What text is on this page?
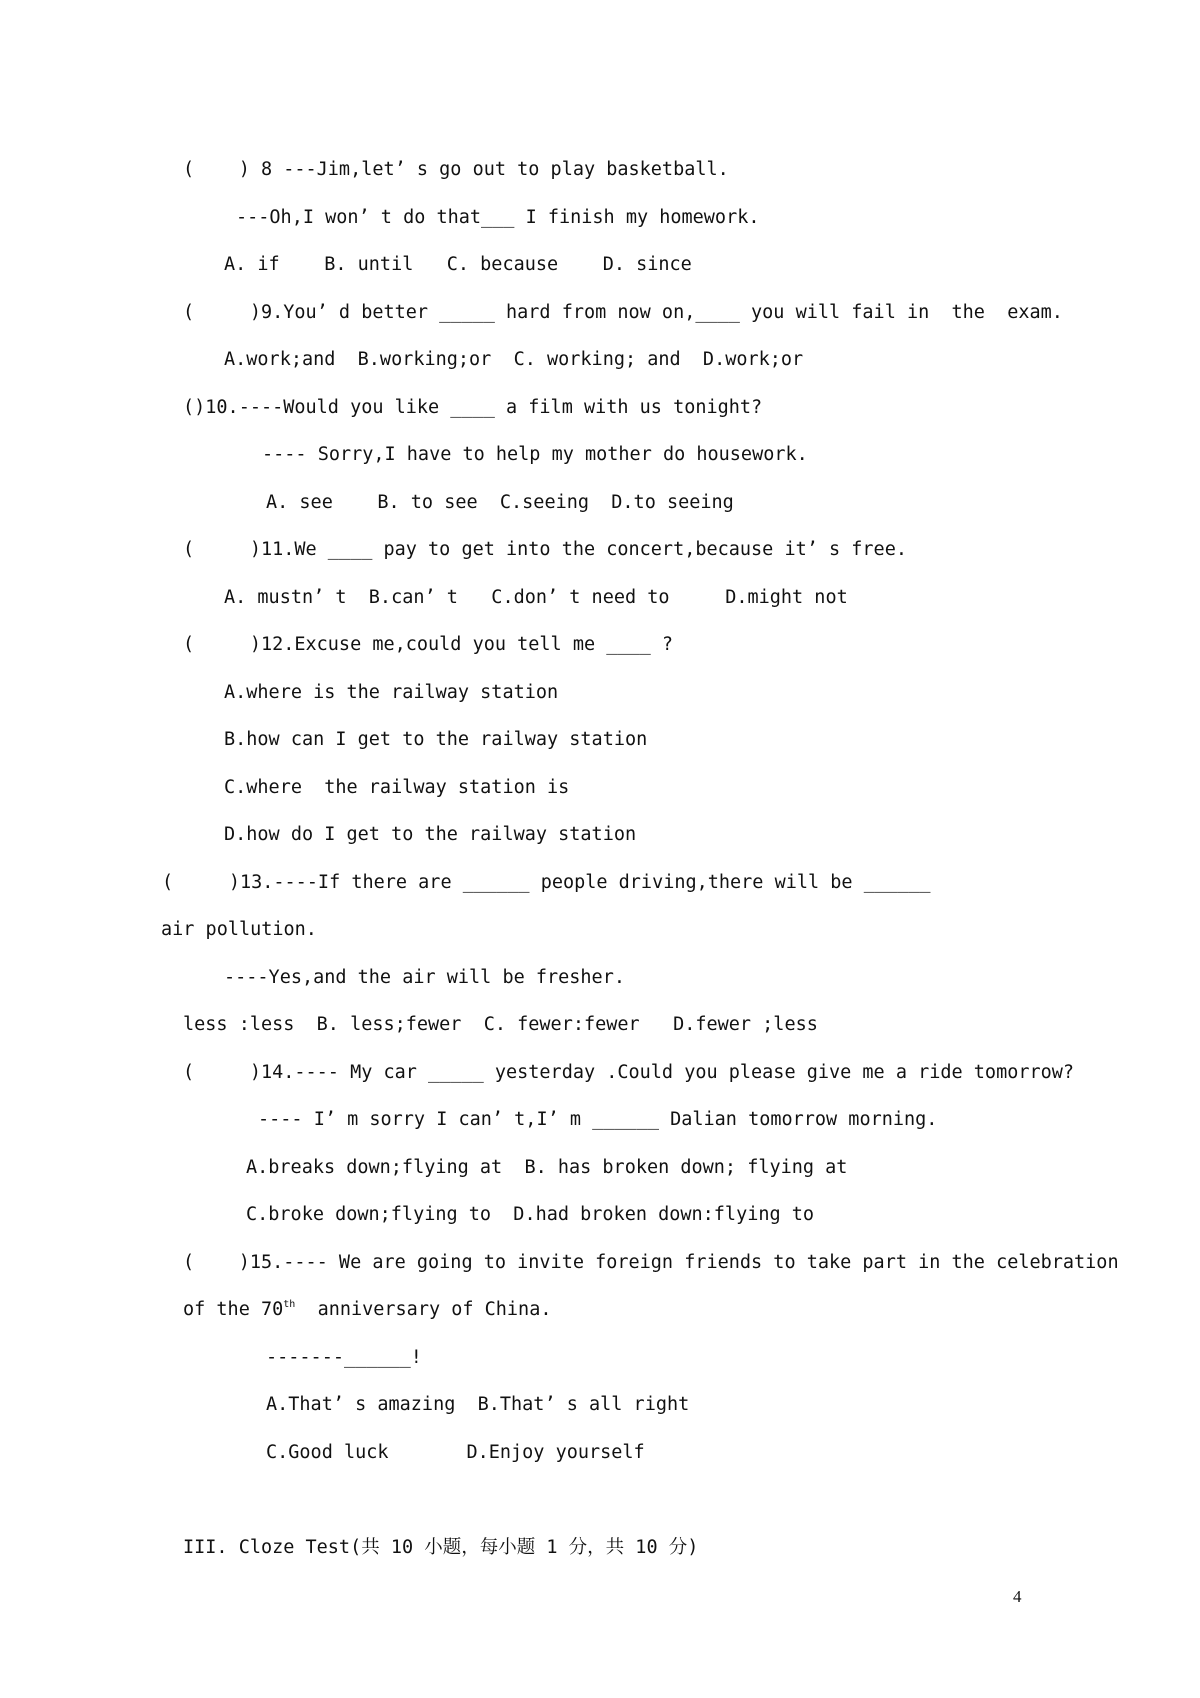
(    ) 8 ---Jim,let’ s go out to play basketball.
---Oh,I won’ t do that___ I finish my homework.
A. if    B. until   C. because    D. since
(     )9.You’ d better _____ hard from now on,____ you will fail in  the  exam.
A.work;and  B.working;or  C. working; and  D.work;or
()10.----Would you like ____ a film with us tonight?
---- Sorry,I have to help my mother do housework.
A. see    B. to see  C.seeing  D.to seeing
(     )11.We ____ pay to get into the concert,because it’ s free.
A. mustn’ t  B.can’ t   C.don’ t need to     D.might not
(     )12.Excuse me,could you tell me ____ ?
A.where is the railway station
B.how can I get to the railway station
C.where  the railway station is
D.how do I get to the railway station
(     )13.----If there are ______ people driving,there will be ______
air pollution.
----Yes,and the air will be fresher.
less :less  B. less;fewer  C. fewer:fewer   D.fewer ;less
(     )14.---- My car _____ yesterday .Could you please give me a ride tomorrow?
---- I’ m sorry I can’ t,I’ m ______ Dalian tomorrow morning.
A.breaks down;flying at  B. has broken down; flying at
C.broke down;flying to  D.had broken down:flying to
(    )15.---- We are going to invite foreign friends to take part in the celebration
of the 70th  anniversary of China.
-------______!
A.That’ s amazing  B.That’ s all right
C.Good luck       D.Enjoy yourself
III. Cloze Test(共 10 小题，每小题 1 分，共 10 分)
4
